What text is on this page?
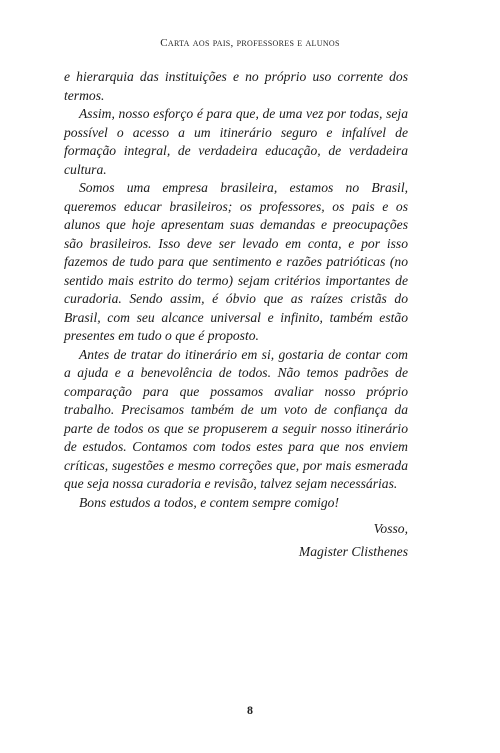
Carta aos pais, professores e alunos

e hierarquia das instituições e no próprio uso corrente dos termos.

Assim, nosso esforço é para que, de uma vez por todas, seja possível o acesso a um itinerário seguro e infalível de formação integral, de verdadeira educação, de verdadeira cultura.

Somos uma empresa brasileira, estamos no Brasil, queremos educar brasileiros; os professores, os pais e os alunos que hoje apresentam suas demandas e preocupações são brasileiros. Isso deve ser levado em conta, e por isso fazemos de tudo para que sentimento e razões patrióticas (no sentido mais estrito do termo) sejam critérios importantes de curadoria. Sendo assim, é óbvio que as raízes cristãs do Brasil, com seu alcance universal e infinito, também estão presentes em tudo o que é proposto.

Antes de tratar do itinerário em si, gostaria de contar com a ajuda e a benevolência de todos. Não temos padrões de comparação para que possamos avaliar nosso próprio trabalho. Precisamos também de um voto de confiança da parte de todos os que se propuserem a seguir nosso itinerário de estudos. Contamos com todos estes para que nos enviem críticas, sugestões e mesmo correções que, por mais esmerada que seja nossa curadoria e revisão, talvez sejam necessárias.

Bons estudos a todos, e contem sempre comigo!

Vosso,

Magister Clisthenes

8
